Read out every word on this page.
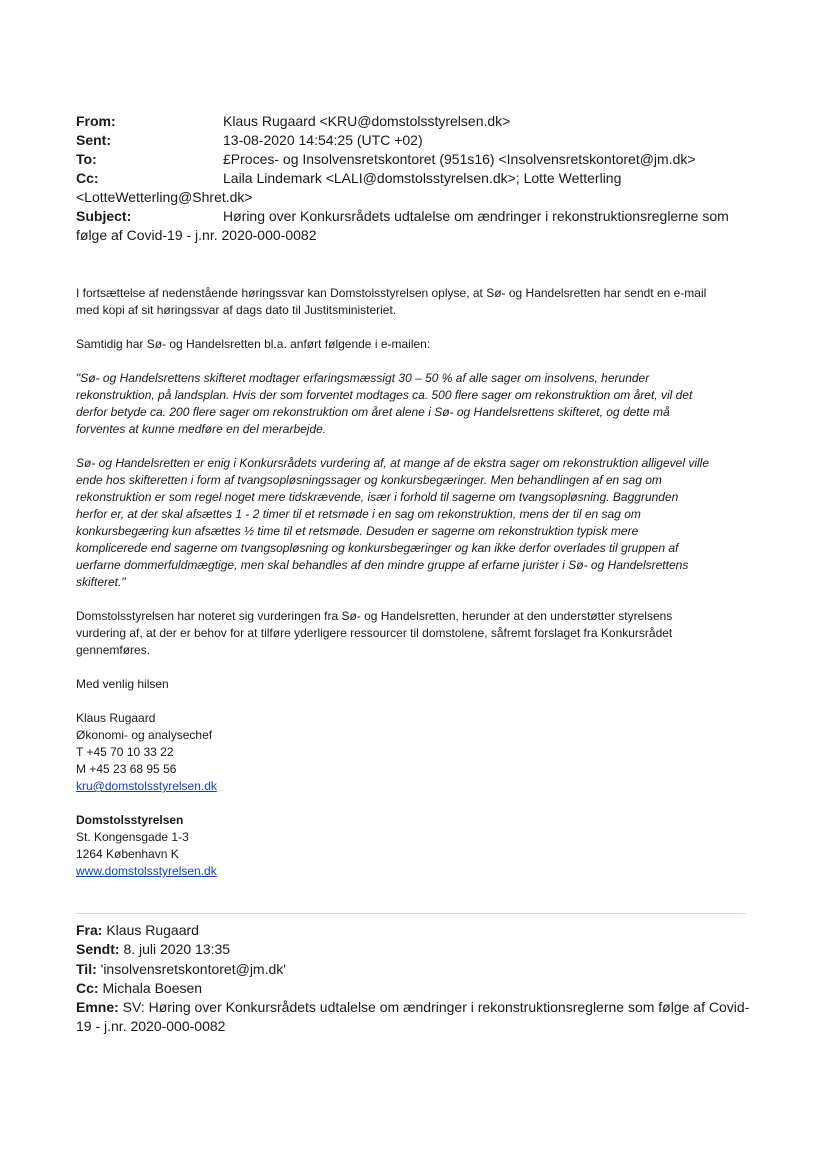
From:	Klaus Rugaard <KRU@domstolsstyrelsen.dk>
Sent:	13-08-2020 14:54:25 (UTC +02)
To:	£Proces- og Insolvensretskontoret (951s16) <Insolvensretskontoret@jm.dk>
Cc:	Laila Lindemark <LALI@domstolsstyrelsen.dk>; Lotte Wetterling
<LotteWetterling@Shret.dk>
Subject:	Høring over Konkursrådets udtalelse om ændringer i rekonstruktionsreglerne som
følge af Covid-19 - j.nr. 2020-000-0082

I fortsættelse af nedenstående høringssvar kan Domstolsstyrelsen oplyse, at Sø- og Handelsretten har sendt en e-mail
med kopi af sit høringssvar af dags dato til Justitsministeriet.

Samtidig har Sø- og Handelsretten bl.a. anført følgende i e-mailen:

"Sø- og Handelsrettens skifteret modtager erfaringsmæssigt 30 – 50 % af alle sager om insolvens, herunder
rekonstruktion, på landsplan. Hvis der som forventet modtages ca. 500 flere sager om rekonstruktion om året, vil det
derfor betyde ca. 200 flere sager om rekonstruktion om året alene i Sø- og Handelsrettens skifteret, og dette må
forventes at kunne medføre en del merarbejde.

Sø- og Handelsretten er enig i Konkursrådets vurdering af, at mange af de ekstra sager om rekonstruktion alligevel ville
ende hos skifteretten i form af tvangsopløsningssager og konkursbegæringer. Men behandlingen af en sag om
rekonstruktion er som regel noget mere tidskrævende, især i forhold til sagerne om tvangsopløsning. Baggrunden
herfor er, at der skal afsættes 1 - 2 timer til et retsmøde i en sag om rekonstruktion, mens der til en sag om
konkursbegæring kun afsættes ½ time til et retsmøde. Desuden er sagerne om rekonstruktion typisk mere
komplicerede end sagerne om tvangsopløsning og konkursbegæringer og kan ikke derfor overlades til gruppen af
uerfarne dommerfuldmægtige, men skal behandles af den mindre gruppe af erfarne jurister i Sø- og Handelsrettens
skifteret."

Domstolsstyrelsen har noteret sig vurderingen fra Sø- og Handelsretten, herunder at den understøtter styrelsens
vurdering af, at der er behov for at tilføre yderligere ressourcer til domstolene, såfremt forslaget fra Konkursrådet
gennemføres.

Med venlig hilsen

Klaus Rugaard

Økonomi- og analysechef

T +45 70 10 33 22

M +45 23 68 95 56

kru@domstolsstyrelsen.dk

Domstolsstyrelsen

St. Kongensgade 1-3

1264 København K

www.domstolsstyrelsen.dk

Fra: Klaus Rugaard
Sendt: 8. juli 2020 13:35
Til: 'insolvensretskontoret@jm.dk'
Cc: Michala Boesen
Emne: SV: Høring over Konkursrådets udtalelse om ændringer i rekonstruktionsreglerne som følge af Covid-
19 - j.nr. 2020-000-0082
